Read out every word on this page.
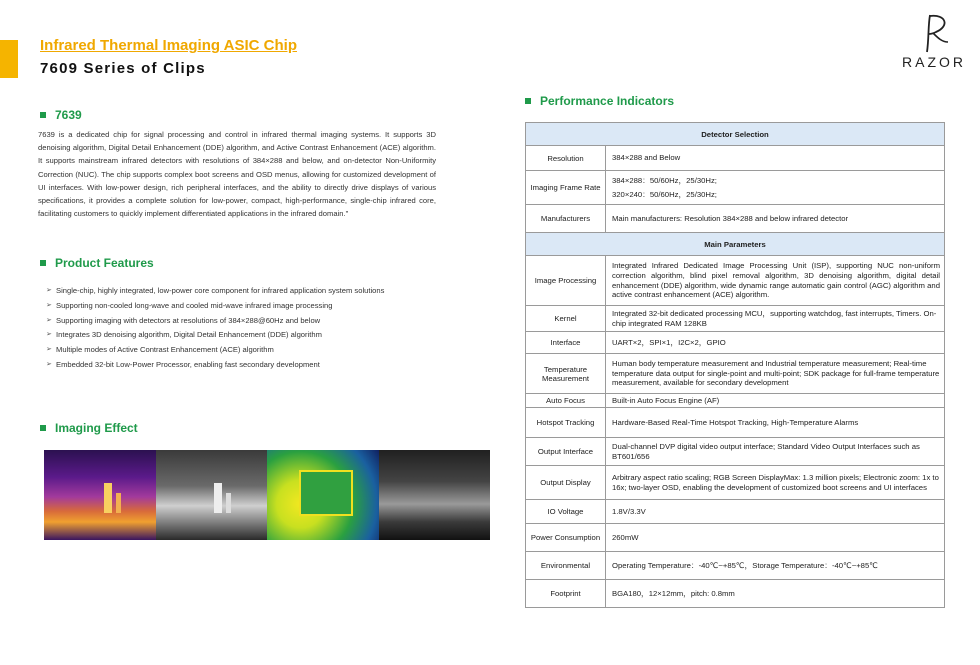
Infrared Thermal Imaging ASIC Chip
7609 Series of Clips	RAZOR
7639
7639 is a dedicated chip for signal processing and control in infrared thermal imaging systems. It supports 3D denoising algorithm, Digital Detail Enhancement (DDE) algorithm, and Active Contrast Enhancement (ACE) algorithm. It supports mainstream infrared detectors with resolutions of 384×288 and below, and on-detector Non-Uniformity Correction (NUC). The chip supports complex boot screens and OSD menus, allowing for customized development of UI interfaces. With low-power design, rich peripheral interfaces, and the ability to directly drive displays of various specifications, it provides a complete solution for low-power, compact, high-performance, single-chip infrared core, facilitating customers to quickly implement differentiated applications in the infrared domain."
Product Features
➢ Single-chip, highly integrated, low-power core component for infrared application system solutions
➢ Supporting non-cooled long-wave and cooled mid-wave infrared image processing
➢ Supporting imaging with detectors at resolutions of 384×288@60Hz and below
➢ Integrates 3D denoising algorithm, Digital Detail Enhancement (DDE) algorithm
➢ Multiple modes of Active Contrast Enhancement (ACE) algorithm
➢ Embedded 32-bit Low-Power Processor, enabling fast secondary development
Imaging Effect
Performance Indicators
Detector Selection	
Resolution	384×288 and Below
Imaging Frame Rate	384×288：50/60Hz，25/30Hz;
320×240：50/60Hz，25/30Hz;

Manufacturers	Main manufacturers: Resolution 384×288 and below infrared detector
Main Parameters	
Image Processing	Integrated Infrared Dedicated Image Processing Unit (ISP), supporting NUC non-uniform correction algorithm, blind pixel removal algorithm, 3D denoising algorithm, digital detail enhancement (DDE) algorithm, wide dynamic range automatic gain control (AGC) algorithm and active contrast enhancement (ACE) algorithm.
Kernel	Integrated 32-bit dedicated processing MCU，supporting watchdog, fast interrupts, Timers. On-chip integrated RAM 128KB
Interface	UART×2，SPI×1，I2C×2，GPIO
Temperature Measurement	Human body temperature measurement and Industrial temperature measurement; Real-time temperature data output for single-point and multi-point; SDK package for full-frame temperature measurement, available for secondary development
Auto Focus	Built-in Auto Focus Engine (AF)
Hotspot Tracking	Hardware-Based Real-Time Hotspot Tracking, High-Temperature Alarms
Output Interface	Dual-channel DVP digital video output interface; Standard Video Output Interfaces such as BT601/656
Output Display	Arbitrary aspect ratio scaling; RGB Screen DisplayMax: 1.3 million pixels; Electronic zoom: 1x to 16x; two-layer OSD, enabling the development of customized boot screens and UI interfaces
IO Voltage	1.8V/3.3V
Power Consumption	260mW
Environmental	Operating Temperature：-40℃~+85℃，Storage Temperature：-40℃~+85℃
Footprint	BGA180，12×12mm，pitch: 0.8mm
